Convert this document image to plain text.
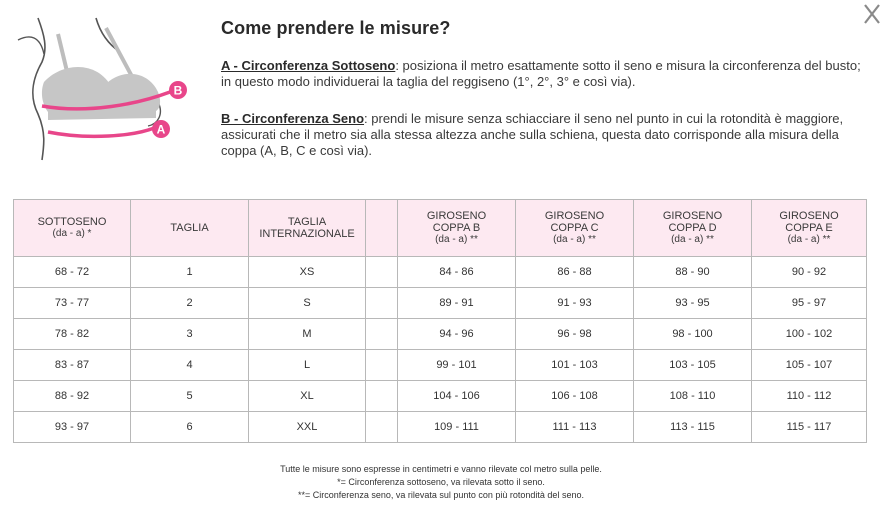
B
A
Come prendere le misure?

A - Circonferenza Sottoseno: posiziona il metro esattamente sotto il seno e misura la circonferenza del busto; in questo modo individuerai la taglia del reggiseno (1°, 2°, 3° e così via).

B - Circonferenza Seno: prendi le misure senza schiacciare il seno nel punto in cui la rotondità è maggiore, assicurati che il metro sia alla stessa altezza anche sulla schiena, questa dato corrisponde alla misura della coppa (A, B, C e così via).

SOTTOSENO
(da - a) *	TAGLIA	TAGLIA
INTERNAZIONALE		GIROSENO
COPPA B
(da - a) **	GIROSENO
COPPA C
(da - a) **	GIROSENO
COPPA D
(da - a) **	GIROSENO
COPPA E
(da - a) **

68 - 72	1	XS		84 - 86	86 - 88	88 - 90	90 - 92
73 - 77	2	S		89 - 91	91 - 93	93 - 95	95 - 97
78 - 82	3	M		94 - 96	96 - 98	98 - 100	100 - 102
83 - 87	4	L		99 - 101	101 - 103	103 - 105	105 - 107
88 - 92	5	XL		104 - 106	106 - 108	108 - 110	110 - 112
93 - 97	6	XXL		109 - 111	111 - 113	113 - 115	115 - 117
Tutte le misure sono espresse in centimetri e vanno rilevate col metro sulla pelle.
*= Circonferenza sottoseno, va rilevata sotto il seno.
**= Circonferenza seno, va rilevata sul punto con più rotondità del seno.
